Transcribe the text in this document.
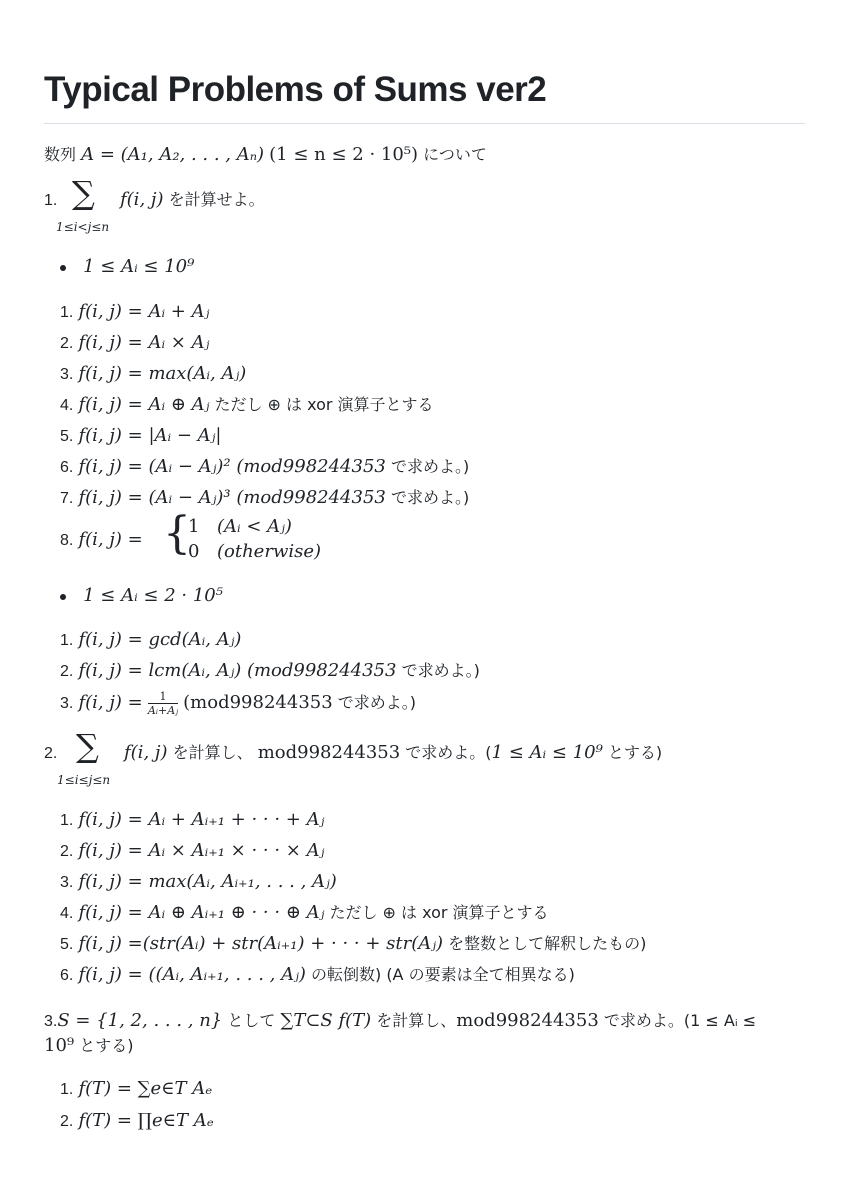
Typical Problems of Sums ver2
数列 A = (A₁, A₂, . . . , Aₙ) (1 ≤ n ≤ 2 · 10⁵) について
1. ∑
1≤i<j≤n
f(i, j) を計算せよ。
1 ≤ Aᵢ ≤ 10⁹
1. f(i, j) = Aᵢ + Aⱼ
2. f(i, j) = Aᵢ × Aⱼ
3. f(i, j) = max(Aᵢ, Aⱼ)
4. f(i, j) = Aᵢ ⊕ Aⱼ ただし ⊕ は xor 演算子とする
5. f(i, j) = |Aᵢ − Aⱼ|
6. f(i, j) = (Aᵢ − Aⱼ)² (mod998244353 で求めよ。)
7. f(i, j) = (Aᵢ − Aⱼ)³ (mod998244353 で求めよ。)
8. f(i, j) = {
1 (Aᵢ < Aⱼ)
0 (otherwise)
1 ≤ Aᵢ ≤ 2 · 10⁵
1. f(i, j) = gcd(Aᵢ, Aⱼ)
2. f(i, j) = lcm(Aᵢ, Aⱼ) (mod998244353 で求めよ。)
3. f(i, $j) = \frac{1}{\text{Aᵢ+Aⱼ}} (mod998244353$ で求めよ。)
2. ∑
1≤i≤j≤n
f(i, j) を計算し、 mod998244353 で求めよ。(1 ≤ Aᵢ ≤ 10⁹ とする)
1. f(i, j) = Aᵢ + Aᵢ₊₁ + · · · + Aⱼ
2. f(i, j) = Aᵢ × Aᵢ₊₁ × · · · × Aⱼ
3. f(i, j) = max(Aᵢ, Aᵢ₊₁, . . . , Aⱼ)
4. f(i, j) = Aᵢ ⊕ Aᵢ₊₁ ⊕ · · · ⊕ Aⱼ ただし ⊕ は xor 演算子とする
5. f(i, j) =(str(Aᵢ) + str(Aᵢ₊₁) + · · · + str(Aⱼ) を整数として解釈したもの)
6. f(i, j) = ((Aᵢ, Aᵢ₊₁, . . . , Aⱼ) の転倒数) (A の要素は全て相異なる)
3.S = {1, 2, . . . , n} として ∑T⊂S f(T) を計算し、mod998244353 で求めよ。(1 ≤ Aᵢ ≤
10⁹ とする)
1. f(T) = ∑e∈T Aₑ
2. f(T) = ∏e∈T Aₑ
